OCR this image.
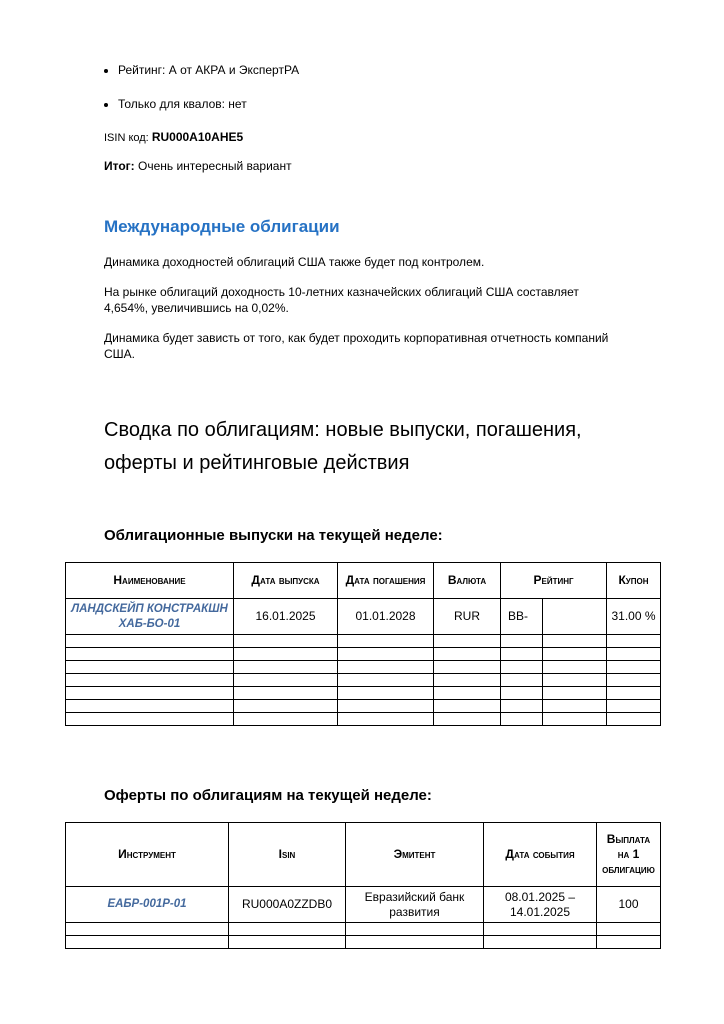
• Рейтинг: А от АКРА и ЭкспертРА
• Только для квалов: нет
ISIN код: RU000A10AHE5
Итог: Очень интересный вариант
Международные облигации

Динамика доходностей облигаций США также будет под контролем.

На рынке облигаций доходность 10-летних казначейских облигаций США составляет 4,654%, увеличившись на 0,02%.

Динамика будет зависть от того, как будет проходить корпоративная отчетность компаний США.

Сводка по облигациям: новые выпуски, погашения, оферты и рейтинговые действия
Облигационные выпуски на текущей неделе:
Наименование	Дата выпуска	Дата погашения	Валюта	Рейтинг		Купон
ЛАНДСКЕЙП КОНСТРАКШН ХАБ-БО-01	16.01.2025	01.01.2028	RUR	BB-		31.00 %

Оферты по облигациям на текущей неделе:
Инструмент	Isin	Эмитент	Дата события	Выплата на 1 облигацию
ЕАБР-001Р-01	RU000A0ZZDB0	Евразийский банк развития	08.01.2025 – 14.01.2025	100
